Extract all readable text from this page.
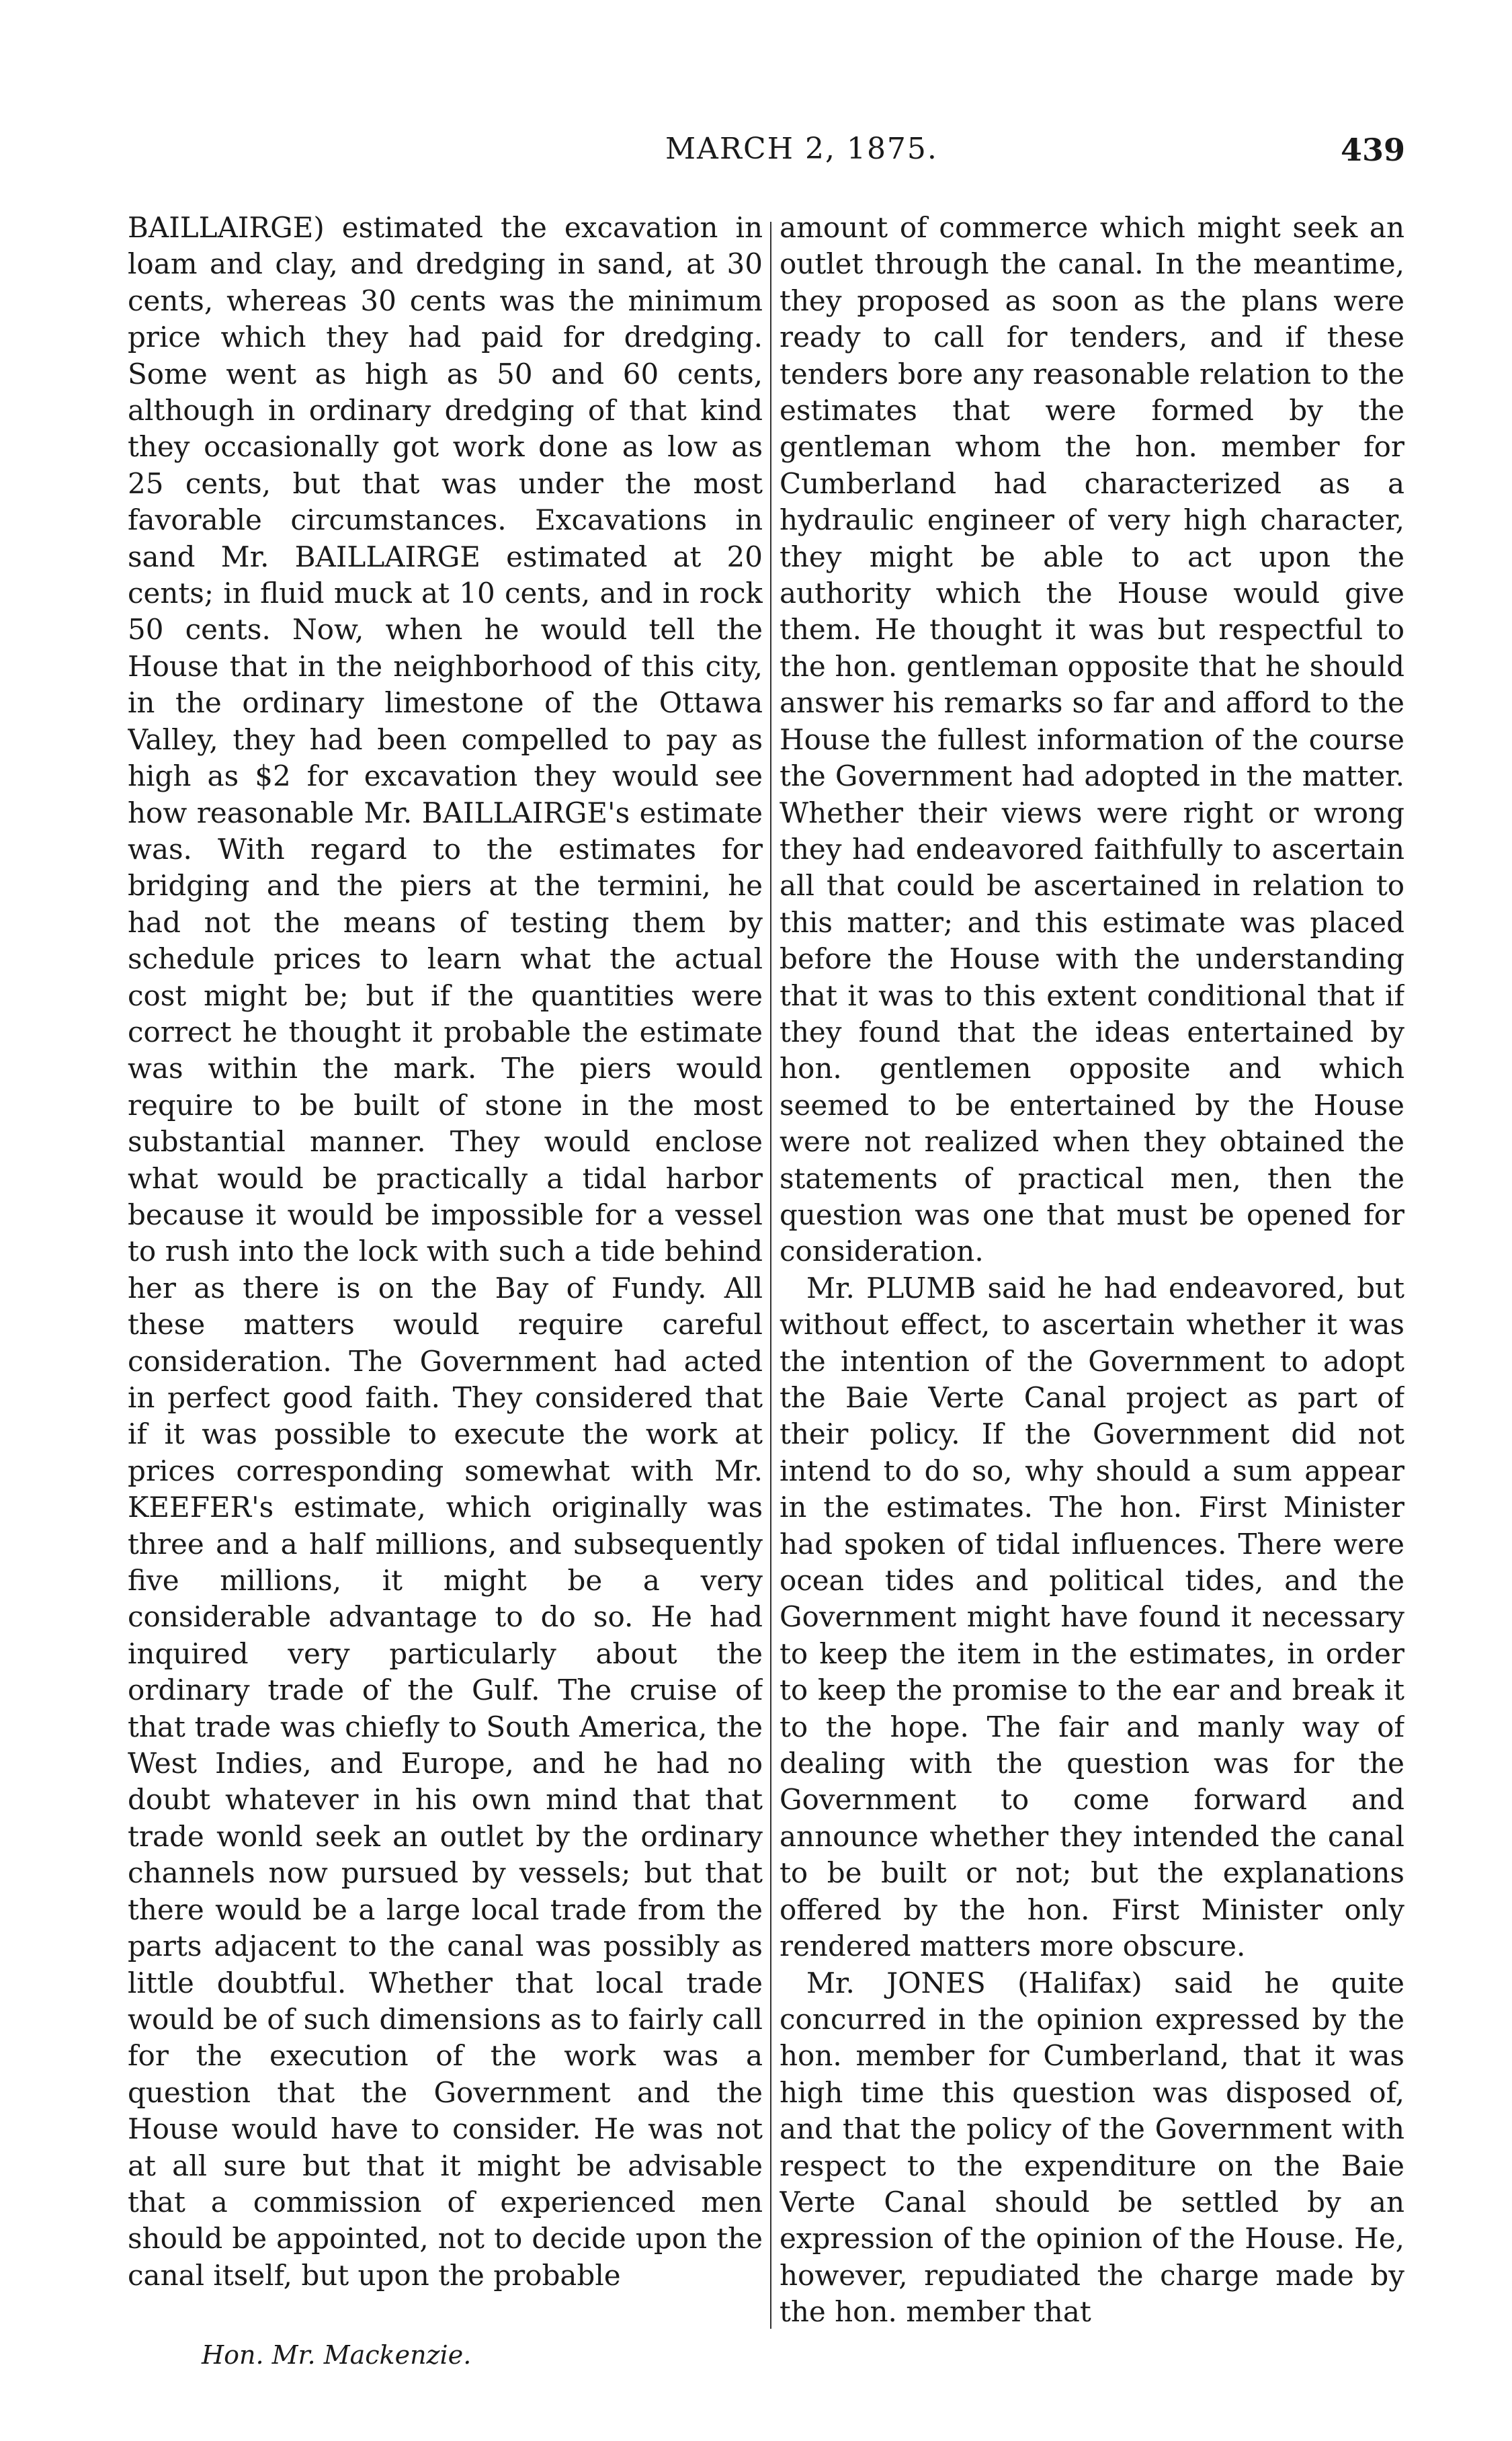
MARCH 2, 1875.	439

BAILLAIRGE) estimated the excavation in loam and clay, and dredging in sand, at 30 cents, whereas 30 cents was the minimum price which they had paid for dredging. Some went as high as 50 and 60 cents, although in ordinary dredging of that kind they occasionally got work done as low as 25 cents, but that was under the most favorable circumstances. Excavations in sand Mr. BAILLAIRGE estimated at 20 cents; in fluid muck at 10 cents, and in rock 50 cents. Now, when he would tell the House that in the neighborhood of this city, in the ordinary limestone of the Ottawa Valley, they had been compelled to pay as high as $2 for excavation they would see how reasonable Mr. BAILLAIRGE's estimate was. With regard to the estimates for bridging and the piers at the termini, he had not the means of testing them by schedule prices to learn what the actual cost might be; but if the quantities were correct he thought it probable the estimate was within the mark. The piers would require to be built of stone in the most substantial manner. They would enclose what would be practically a tidal harbor because it would be impossible for a vessel to rush into the lock with such a tide behind her as there is on the Bay of Fundy. All these matters would require careful consideration. The Government had acted in perfect good faith. They considered that if it was possible to execute the work at prices corresponding somewhat with Mr. KEEFER's estimate, which originally was three and a half millions, and subsequently five millions, it might be a very considerable advantage to do so. He had inquired very particularly about the ordinary trade of the Gulf. The cruise of that trade was chiefly to South America, the West Indies, and Europe, and he had no doubt whatever in his own mind that that trade wonld seek an outlet by the ordinary channels now pursued by vessels; but that there would be a large local trade from the parts adjacent to the canal was possibly as little doubtful. Whether that local trade would be of such dimensions as to fairly call for the execution of the work was a question that the Government and the House would have to consider. He was not at all sure but that it might be advisable that a commission of experienced men should be appointed, not to decide upon the canal itself, but upon the probable

amount of commerce which might seek an outlet through the canal. In the meantime, they proposed as soon as the plans were ready to call for tenders, and if these tenders bore any reasonable relation to the estimates that were formed by the gentleman whom the hon. member for Cumberland had characterized as a hydraulic engineer of very high character, they might be able to act upon the authority which the House would give them. He thought it was but respectful to the hon. gentleman opposite that he should answer his remarks so far and afford to the House the fullest information of the course the Government had adopted in the matter. Whether their views were right or wrong they had endeavored faithfully to ascertain all that could be ascertained in relation to this matter; and this estimate was placed before the House with the understanding that it was to this extent conditional that if they found that the ideas entertained by hon. gentlemen opposite and which seemed to be entertained by the House were not realized when they obtained the statements of practical men, then the question was one that must be opened for consideration.

Mr. PLUMB said he had endeavored, but without effect, to ascertain whether it was the intention of the Government to adopt the Baie Verte Canal project as part of their policy. If the Government did not intend to do so, why should a sum appear in the estimates. The hon. First Minister had spoken of tidal influences. There were ocean tides and political tides, and the Government might have found it necessary to keep the item in the estimates, in order to keep the promise to the ear and break it to the hope. The fair and manly way of dealing with the question was for the Government to come forward and announce whether they intended the canal to be built or not; but the explanations offered by the hon. First Minister only rendered matters more obscure.

Mr. JONES (Halifax) said he quite concurred in the opinion expressed by the hon. member for Cumberland, that it was high time this question was disposed of, and that the policy of the Government with respect to the expenditure on the Baie Verte Canal should be settled by an expression of the opinion of the House. He, however, repudiated the charge made by the hon. member that

Hon. Mr. Mackenzie.
